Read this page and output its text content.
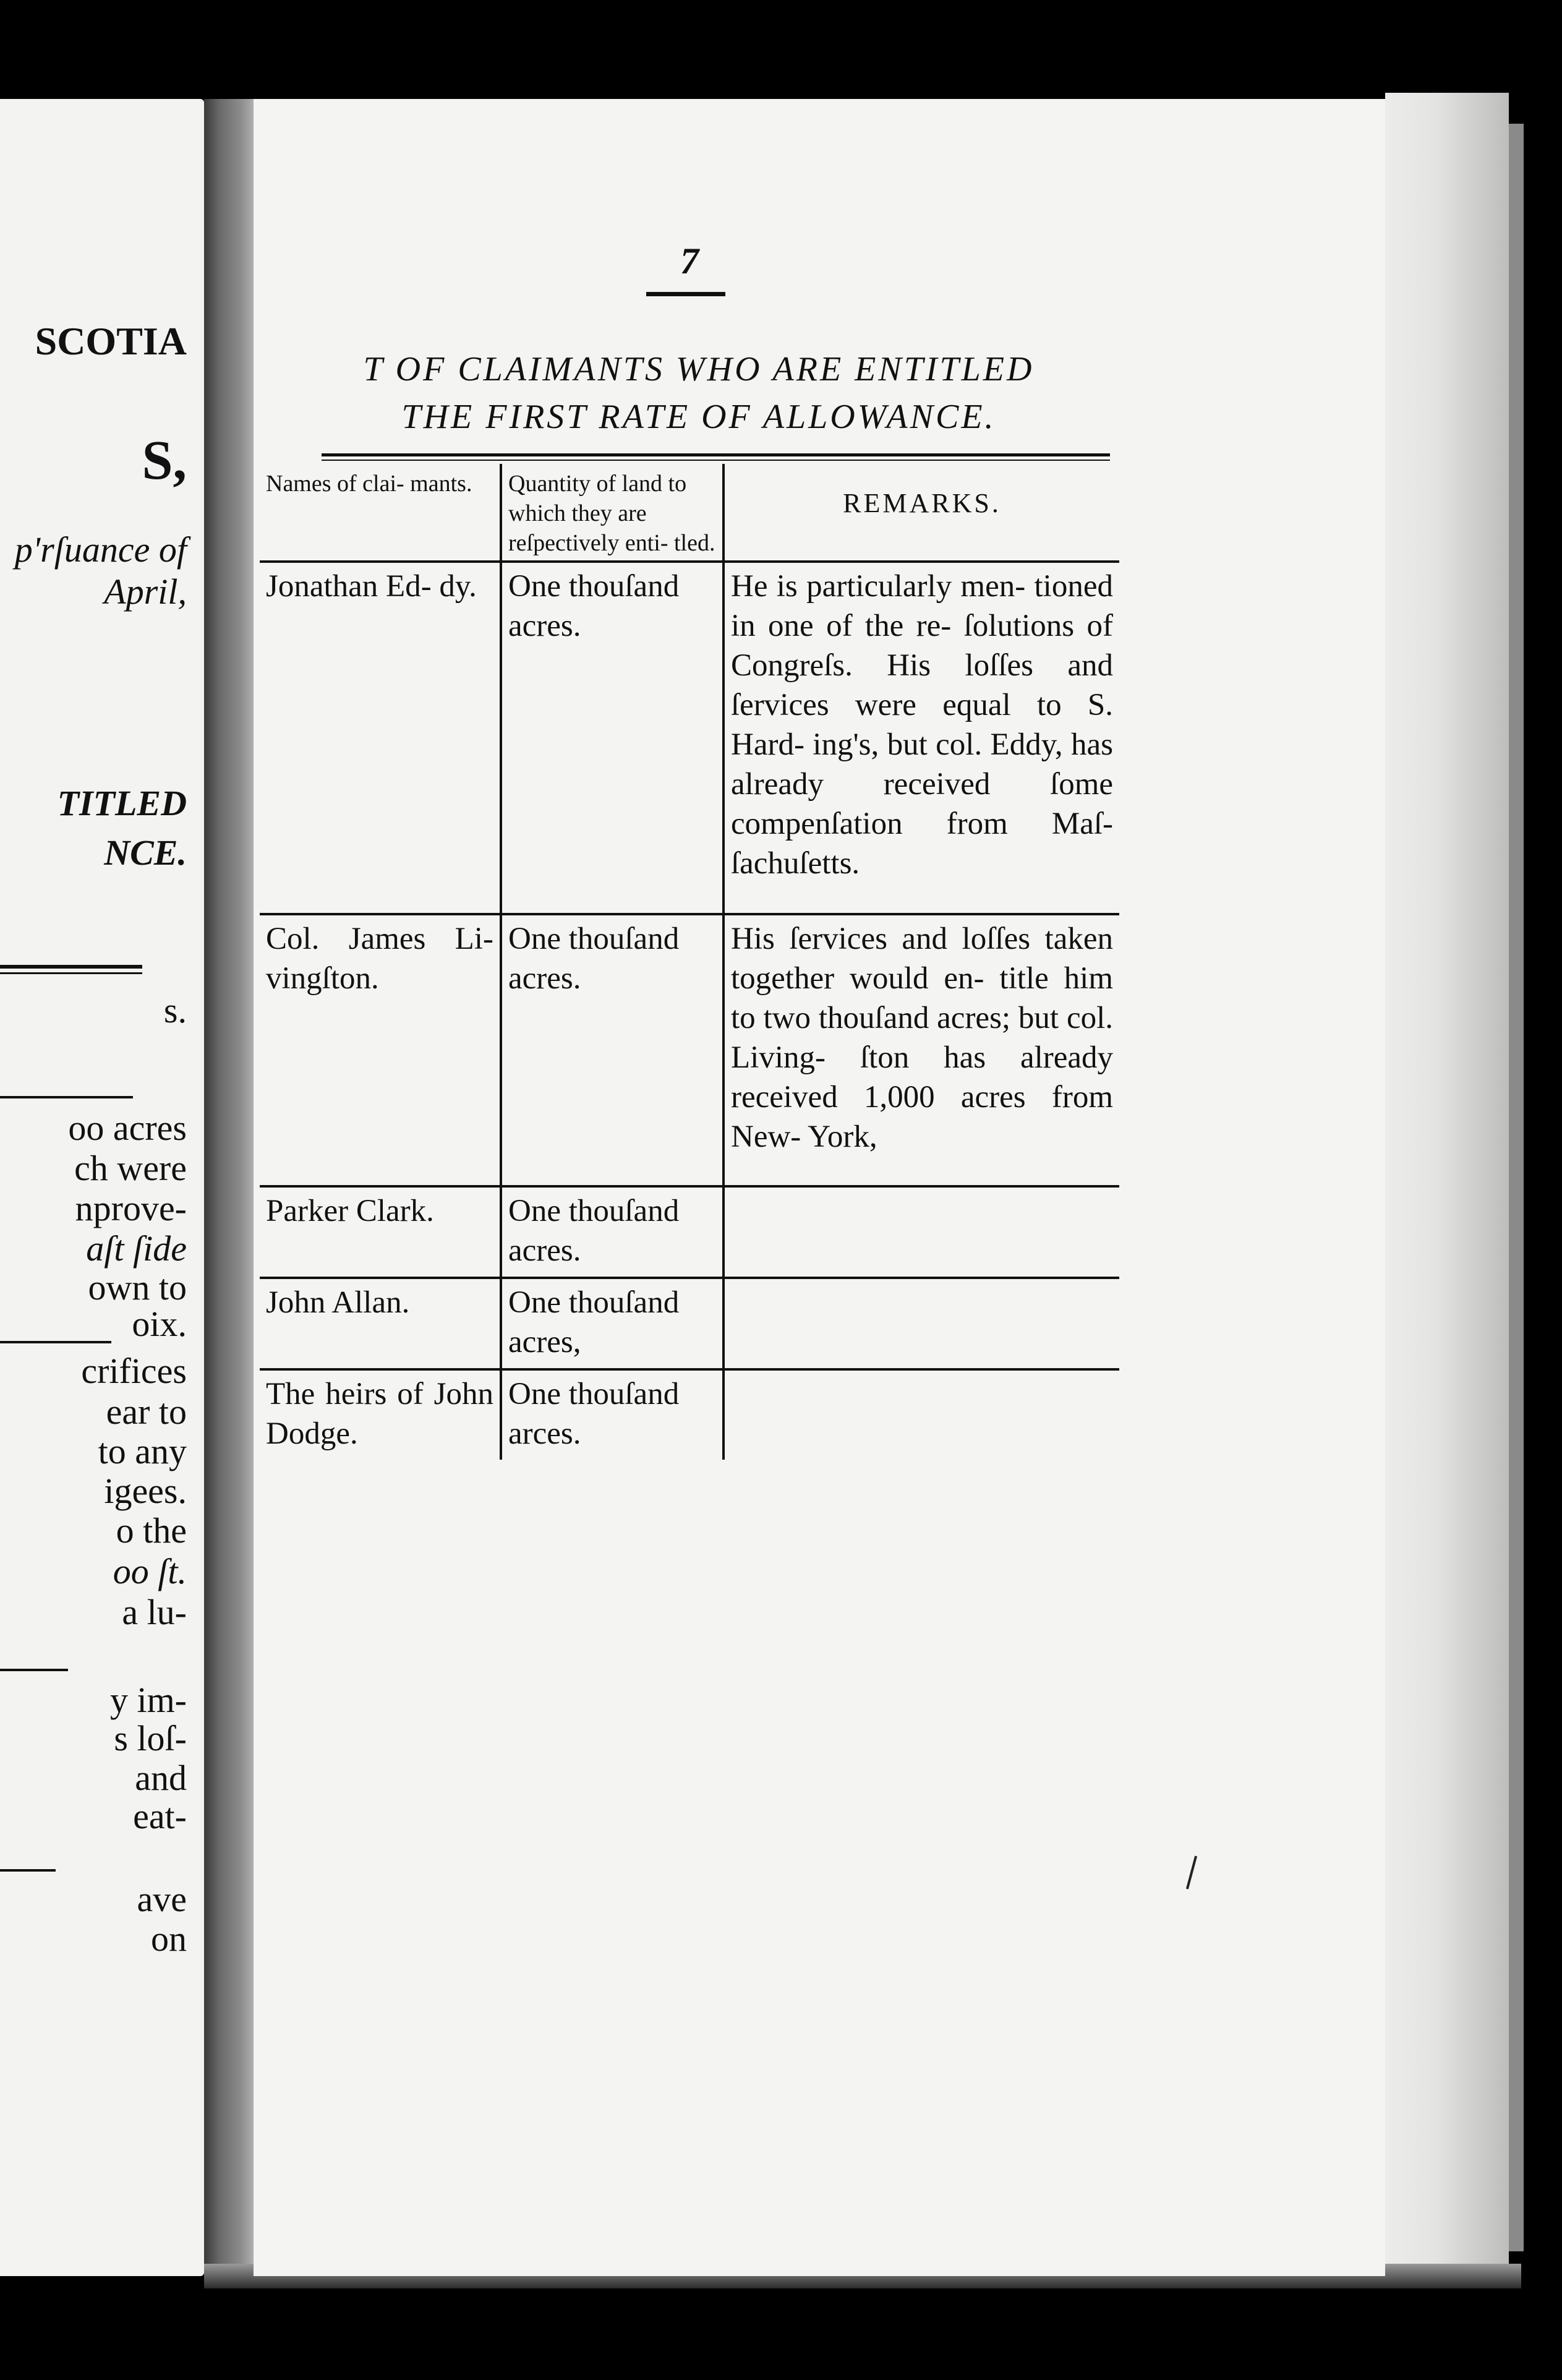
SCOTIA
S,
p'rſuance of
April,
TITLED
NCE.
s.
oo acres
ch were
nprove-
aſt ſide
own to
oix.
crifices
ear to
to any
igees.
o the
oo ſt.
a lu-
y im-
s loſ-
and
eat-
ave
on
7
T OF CLAIMANTS WHO ARE ENTITLED
THE FIRST RATE OF ALLOWANCE.
Names of clai- mants.	Quantity of land to which they are reſpectively enti- tled.	REMARKS.
Jonathan Ed- dy.	One thouſand acres.	He is particularly men- tioned in one of the re- ſolutions of Congreſs. His loſſes and ſervices were equal to S. Hard- ing's, but col. Eddy, has already received ſome compenſation from Maſ- ſachuſetts.
Col. James Li- vingſton.	One thouſand acres.	His ſervices and loſſes taken together would en- title him to two thouſand acres; but col. Living- ſton has already received 1,000 acres from New- York,
Parker Clark.	One thouſand acres.	
John Allan.	One thouſand acres,	
The heirs of John Dodge.	One thouſand arces.	
